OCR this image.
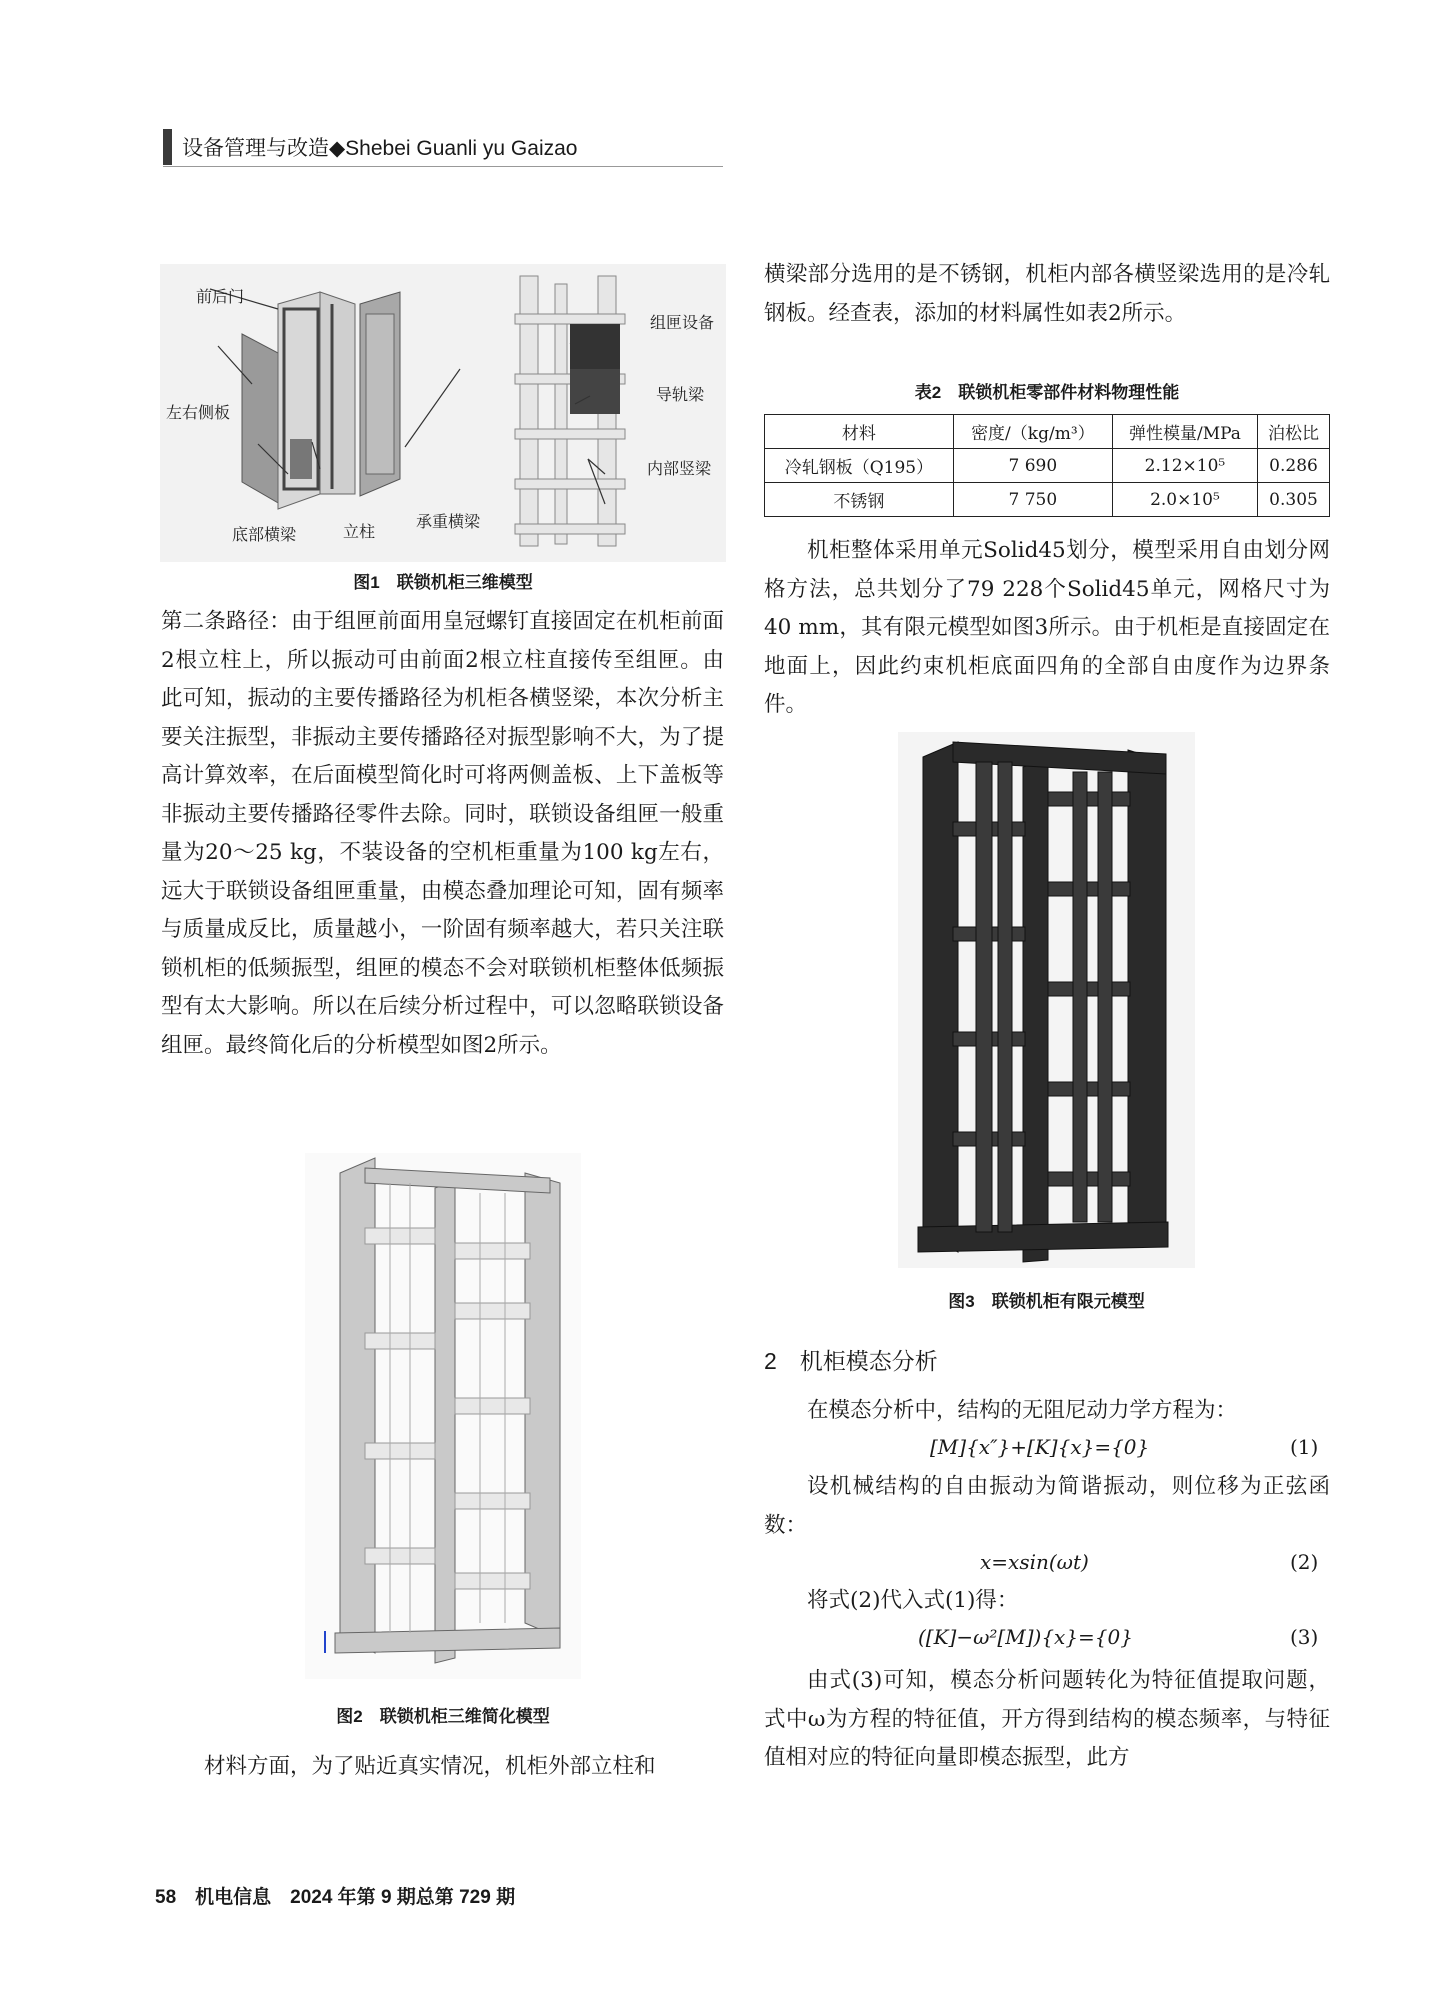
设备管理与改造◆Shebei Guanli yu Gaizao
前后门
左右侧板
底部横梁	立柱
承重横梁
组匣设备
导轨梁
内部竖梁
图1　联锁机柜三维模型
第二条路径：由于组匣前面用皇冠螺钉直接固定在机柜前面2根立柱上，所以振动可由前面2根立柱直接传至组匣。由此可知，振动的主要传播路径为机柜各横竖梁，本次分析主要关注振型，非振动主要传播路径对振型影响不大，为了提高计算效率，在后面模型简化时可将两侧盖板、上下盖板等非振动主要传播路径零件去除。同时，联锁设备组匣一般重量为20～25 kg，不装设备的空机柜重量为100 kg左右，远大于联锁设备组匣重量，由模态叠加理论可知，固有频率与质量成反比，质量越小，一阶固有频率越大，若只关注联锁机柜的低频振型，组匣的模态不会对联锁机柜整体低频振型有太大影响。所以在后续分析过程中，可以忽略联锁设备组匣。最终简化后的分析模型如图2所示。
图2　联锁机柜三维简化模型
材料方面，为了贴近真实情况，机柜外部立柱和
横梁部分选用的是不锈钢，机柜内部各横竖梁选用的是冷轧钢板。经查表，添加的材料属性如表2所示。
表2　联锁机柜零部件材料物理性能
材料	密度/（kg/m³）	弹性模量/MPa	泊松比
冷轧钢板（Q195）	7 690	2.12×10⁵	0.286
不锈钢	7 750	2.0×10⁵	0.305
机柜整体采用单元Solid45划分，模型采用自由划分网格方法，总共划分了79 228个Solid45单元，网格尺寸为40 mm，其有限元模型如图3所示。由于机柜是直接固定在地面上，因此约束机柜底面四角的全部自由度作为边界条件。
图3　联锁机柜有限元模型
2　机柜模态分析
在模态分析中，结构的无阻尼动力学方程为：
[M]{x″}+[K]{x}={0}	(1)
设机械结构的自由振动为简谐振动，则位移为正弦函数：
x=xsin(ωt)	(2)
将式(2)代入式(1)得：
([K]−ω²[M]){x}={0}	(3)
由式(3)可知，模态分析问题转化为特征值提取问题，式中ω为方程的特征值，开方得到结构的模态频率，与特征值相对应的特征向量即模态振型，此方
58　机电信息　2024 年第 9 期总第 729 期
